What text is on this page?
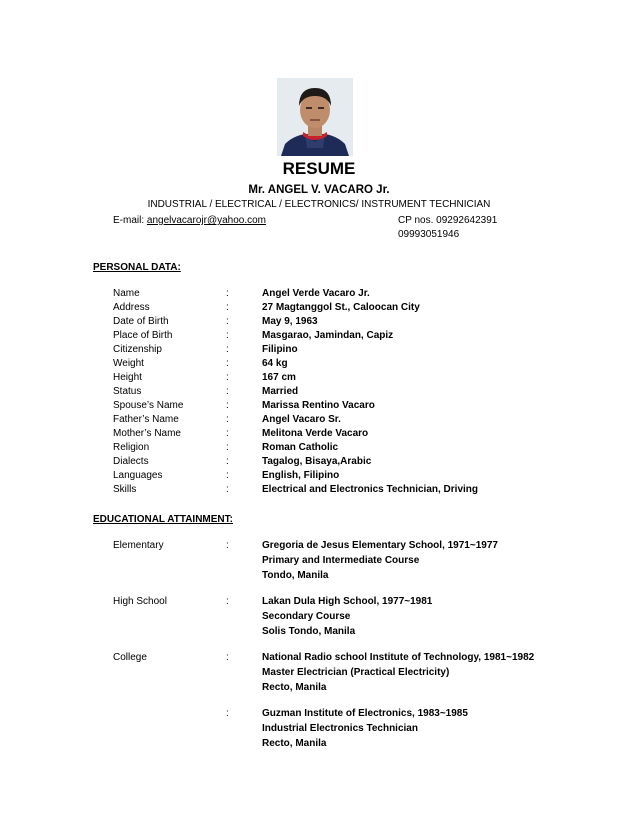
RESUME
Mr. ANGEL V. VACARO Jr.
INDUSTRIAL / ELECTRICAL / ELECTRONICS/ INSTRUMENT TECHNICIAN
E-mail: angelvacarojr@yahoo.com	CP nos. 09292642391
09993051946
PERSONAL DATA:
Name	:	Angel Verde Vacaro Jr.
Address	:	27 Magtanggol St., Caloocan City
Date of Birth	:	May 9, 1963
Place of Birth	:	Masgarao, Jamindan, Capiz
Citizenship	:	Filipino
Weight	:	64 kg
Height	:	167 cm
Status	:	Married
Spouse’s Name	:	Marissa Rentino Vacaro
Father’s Name	:	Angel Vacaro Sr.
Mother’s Name	:	Melitona Verde Vacaro
Religion	:	Roman Catholic
Dialects	:	Tagalog, Bisaya,Arabic
Languages	:	English, Filipino
Skills	:	Electrical and Electronics Technician, Driving
EDUCATIONAL ATTAINMENT:
Elementary	:	Gregoria de Jesus Elementary School, 1971~1977
Primary and Intermediate Course
Tondo, Manila
High School	:	Lakan Dula High School, 1977~1981
Secondary Course
Solis Tondo, Manila
College	:	National Radio school Institute of Technology, 1981~1982
Master Electrician (Practical Electricity)
Recto, Manila
:	Guzman Institute of Electronics, 1983~1985
Industrial Electronics Technician
Recto, Manila
